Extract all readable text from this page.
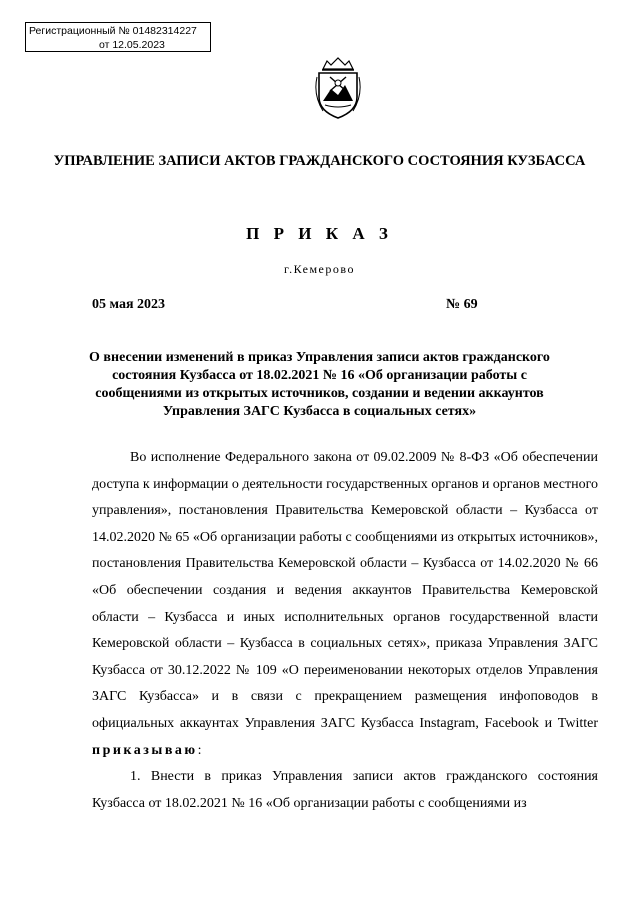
Регистрационный № 01482314227
от 12.05.2023
УПРАВЛЕНИЕ ЗАПИСИ АКТОВ ГРАЖДАНСКОГО СОСТОЯНИЯ КУЗБАССА
П Р И К А З
г.Кемерово
05 мая 2023	№ 69
О внесении изменений в приказ Управления записи актов гражданского состояния Кузбасса от 18.02.2021 № 16 «Об организации работы с сообщениями из открытых источников, создании и ведении аккаунтов Управления ЗАГС Кузбасса в социальных сетях»

Во исполнение Федерального закона от 09.02.2009 № 8-ФЗ «Об обеспечении доступа к информации о деятельности государственных органов и органов местного управления», постановления Правительства Кемеровской области – Кузбасса от 14.02.2020 № 65 «Об организации работы с сообщениями из открытых источников», постановления Правительства Кемеровской области – Кузбасса от 14.02.2020 № 66 «Об обеспечении создания и ведения аккаунтов Правительства Кемеровской области – Кузбасса и иных исполнительных органов государственной власти Кемеровской области – Кузбасса в социальных сетях», приказа Управления ЗАГС Кузбасса от 30.12.2022 № 109 «О переименовании некоторых отделов Управления ЗАГС Кузбасса» и в связи с прекращением размещения инфоповодов в официальных аккаунтах Управления ЗАГС Кузбасса Instagram, Facebook и Twitter приказываю:

1. Внести в приказ Управления записи актов гражданского состояния Кузбасса от 18.02.2021 № 16 «Об организации работы с сообщениями из
